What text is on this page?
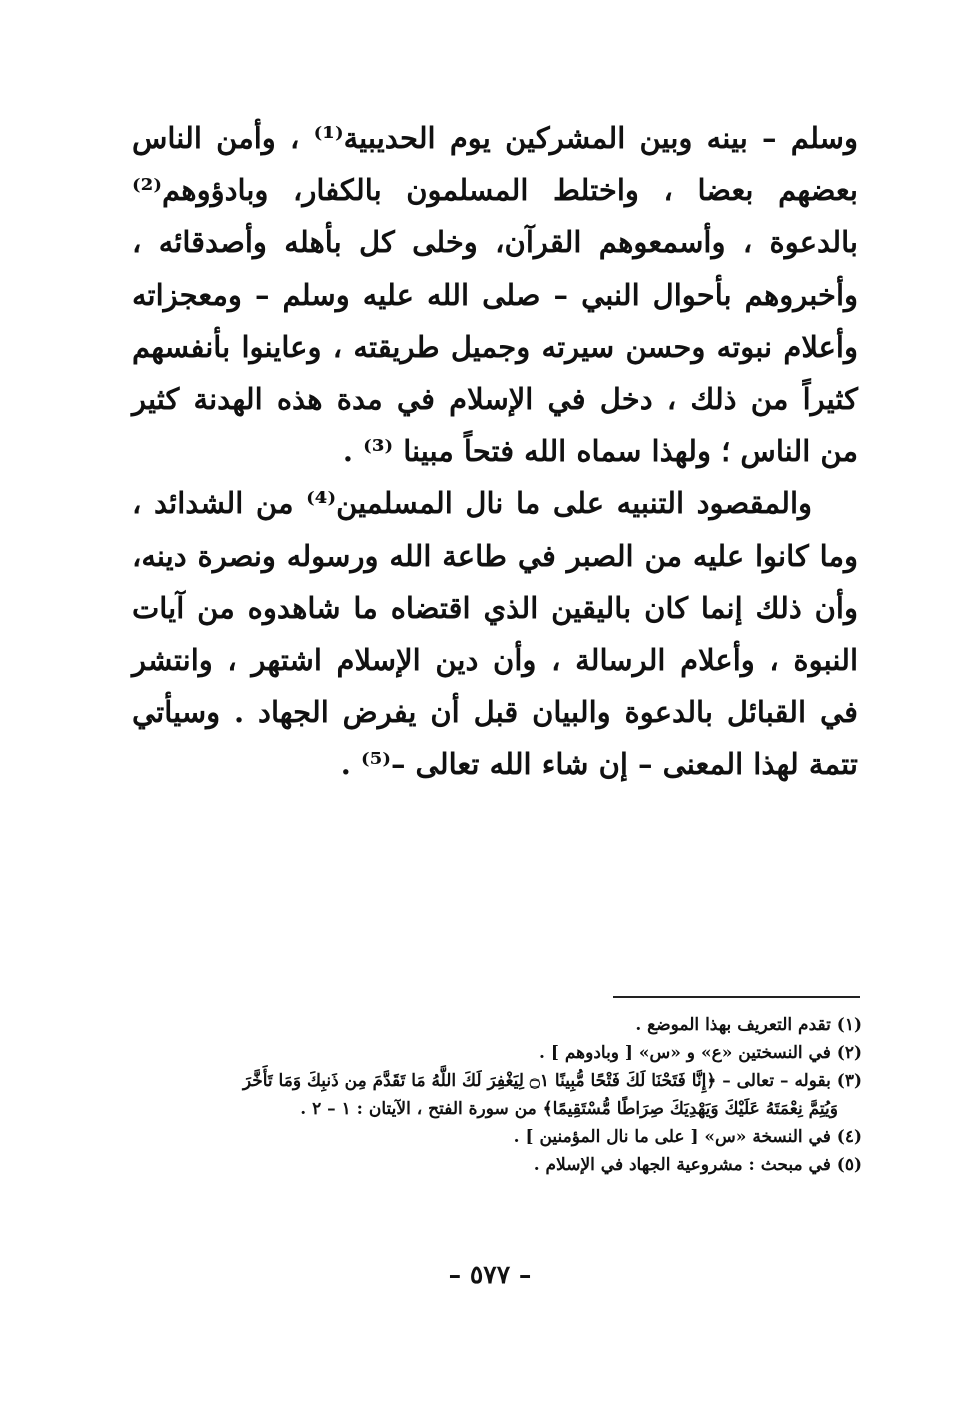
وسلم – بينه وبين المشركين يوم الحديبية⁽¹⁾ ، وأمن الناس بعضهم بعضا ، واختلط المسلمون بالكفار، وبادؤوهم⁽²⁾ بالدعوة ، وأسمعوهم القرآن، وخلى كل بأهله وأصدقائه ، وأخبروهم بأحوال النبي – صلى الله عليه وسلم – ومعجزاته وأعلام نبوته وحسن سيرته وجميل طريقته ، وعاينوا بأنفسهم كثيراً من ذلك ، دخل في الإسلام في مدة هذه الهدنة كثير من الناس ؛ ولهذا سماه الله فتحاً مبينا ⁽³⁾ .

والمقصود التنبيه على ما نال المسلمين⁽⁴⁾ من الشدائد ، وما كانوا عليه من الصبر في طاعة الله ورسوله ونصرة دينه، وأن ذلك إنما كان باليقين الذي اقتضاه ما شاهدوه من آيات النبوة ، وأعلام الرسالة ، وأن دين الإسلام اشتهر ، وانتشر في القبائل بالدعوة والبيان قبل أن يفرض الجهاد . وسيأتي تتمة لهذا المعنى – إن شاء الله تعالى –⁽⁵⁾ .

(١) تقدم التعريف بهذا الموضع .

(٢) في النسختين «ع» و «س» [ وبادوهم ] .

(٣) بقوله – تعالى – ﴿إِنَّا فَتَحْنَا لَكَ فَتْحًا مُّبِينًا ۝١ لِيَغْفِرَ لَكَ اللَّهُ مَا تَقَدَّمَ مِن ذَنبِكَ وَمَا تَأَخَّرَ

وَيُتِمَّ نِعْمَتَهُ عَلَيْكَ وَيَهْدِيَكَ صِرَاطًا مُّسْتَقِيمًا﴾ من سورة الفتح ، الآيتان : ١ – ٢ .

(٤) في النسخة «س» [ على ما نال المؤمنين ] .

(٥) في مبحث : مشروعية الجهاد في الإسلام .

– ٥٧٧ –
